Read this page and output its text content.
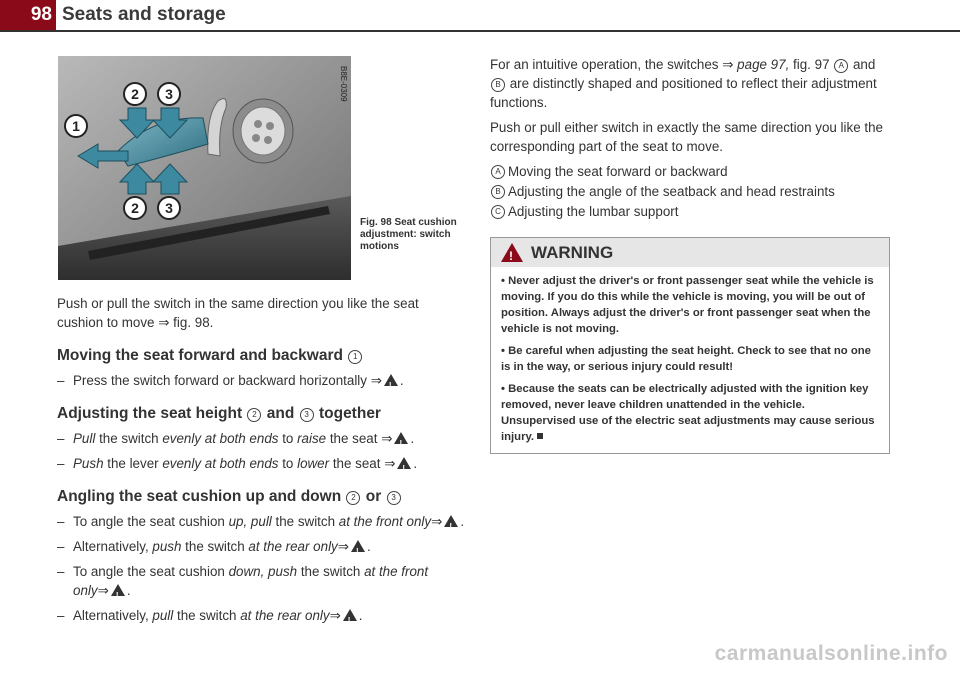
98 Seats and storage
2 3
1
2 3
B8E-0309
Fig. 98 Seat cushion adjustment: switch motions

Push or pull the switch in the same direction you like the seat cushion to move ⇒ fig. 98.

Moving the seat forward and backward 1
– Press the switch forward or backward horizontally ⇒ ! .
Adjusting the seat height 2 and 3 together
– Pull the switch evenly at both ends to raise the seat ⇒ ! .
– Push the lever evenly at both ends to lower the seat ⇒ ! .
Angling the seat cushion up and down 2 or 3
– To angle the seat cushion up, pull the switch at the front only⇒ ! .
– Alternatively, push the switch at the rear only⇒ ! .
– To angle the seat cushion down, push the switch at the front only⇒ ! .
– Alternatively, pull the switch at the rear only⇒ ! .

For an intuitive operation, the switches ⇒ page 97, fig. 97 A and B are distinctly shaped and positioned to reflect their adjustment functions.

Push or pull either switch in exactly the same direction you like the corresponding part of the seat to move.

A Moving the seat forward or backward
B Adjusting the angle of the seatback and head restraints
C Adjusting the lumbar support
!
WARNING

• Never adjust the driver's or front passenger seat while the vehicle is moving. If you do this while the vehicle is moving, you will be out of position. Always adjust the driver's or front passenger seat when the vehicle is not moving.

• Be careful when adjusting the seat height. Check to see that no one is in the way, or serious injury could result!

• Because the seats can be electrically adjusted with the ignition key removed, never leave children unattended in the vehicle. Unsupervised use of the electric seat adjustments may cause serious injury.

carmanualsonline.info
